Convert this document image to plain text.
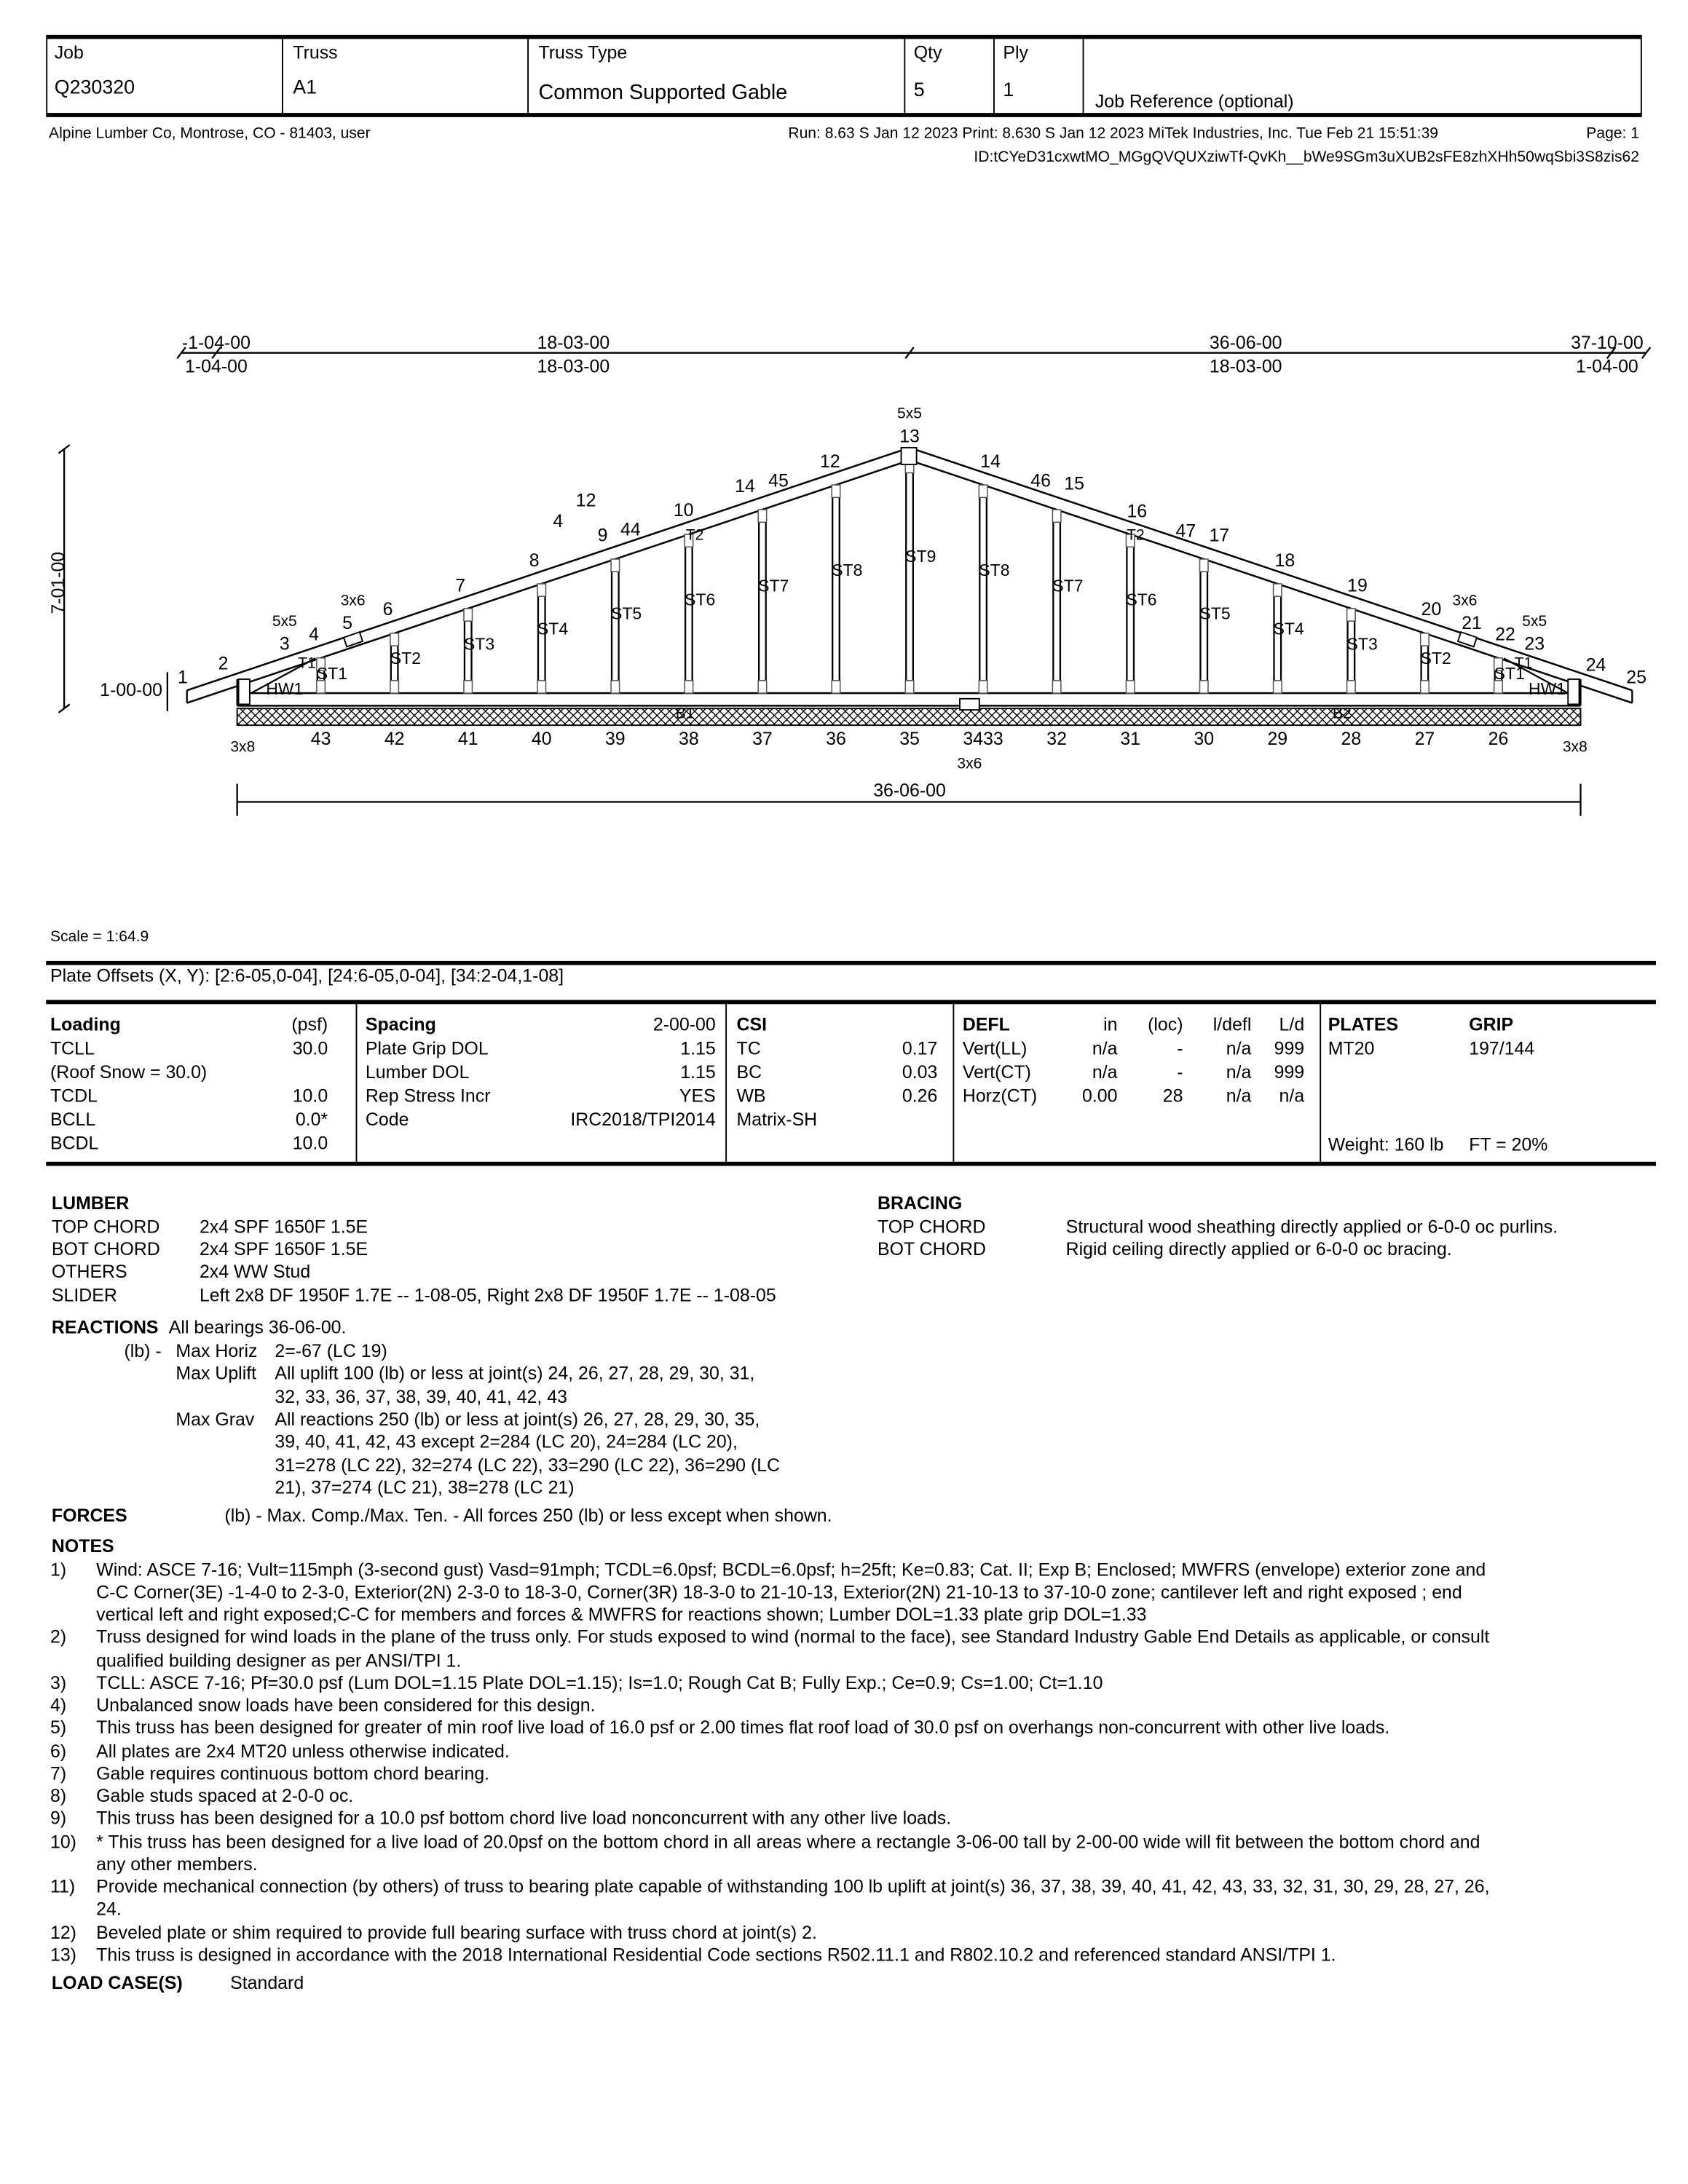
Job
Q230320
Truss
A1
Truss Type
Common Supported Gable
Qty
5
Ply
1
Job Reference (optional)
Alpine Lumber Co, Montrose, CO - 81403, user	Run: 8.63 S Jan 12 2023 Print: 8.630 S Jan 12 2023 MiTek Industries, Inc. Tue Feb 21 15:51:39	Page: 1
ID:tCYeD31cxwtMO_MGgQVQUXziwTf-QvKh__bWe9SGm3uXUB2sFE8zhXHh50wqSbi3S8zis62
-1-04-00
1-04-00
18-03-00
18-03-00
36-06-00
18-03-00
37-10-00
1-04-00
7-01-00
1-00-00
36-06-00
ST1
43
ST2
42
ST3
41
ST4
40
ST5
39
ST6
38
ST7
37
ST8
36
ST9
35
ST8
3433
ST7
32
ST6
31
ST5
30
ST4
29
ST3
28
ST2
27
ST1
26
3x8	3x8
3x6
1
2
3
5x5
4
5
3x6 6
7
8
4
12
9 44
10
T2
14 45
12
5x5
13
14
46 15
16
T2	47 17
18
19
20 3x6
21
22
5x5
23
24
25
HW1	HW1
T1	T1
B1	B2
Scale = 1:64.9
Plate Offsets (X, Y): [2:6-05,0-04], [24:6-05,0-04], [34:2-04,1-08]
Loading	(psf)
TCLL	30.0
(Roof Snow = 30.0)
TCDL	10.0
BCLL	0.0*
BCDL	10.0
Spacing	2-00-00
Plate Grip DOL	1.15
Lumber DOL	1.15
Rep Stress Incr	YES
Code	IRC2018/TPI2014
CSI
TC	0.17
BC	0.03
WB	0.26
Matrix-SH
DEFL	in	(loc)	l/defl	L/d
Vert(LL)	n/a	-	n/a	999
Vert(CT)	n/a	-	n/a	999
Horz(CT)	0.00	28	n/a	n/a
PLATES	GRIP
MT20	197/144
Weight: 160 lb	FT = 20%
LUMBER
TOP CHORD	2x4 SPF 1650F 1.5E
BOT CHORD	2x4 SPF 1650F 1.5E
OTHERS	2x4 WW Stud
SLIDER	Left 2x8 DF 1950F 1.7E -- 1-08-05, Right 2x8 DF 1950F 1.7E -- 1-08-05
BRACING
TOP CHORD	Structural wood sheathing directly applied or 6-0-0 oc purlins.
BOT CHORD	Rigid ceiling directly applied or 6-0-0 oc bracing.
REACTIONS All bearings 36-06-00.
(lb) - Max Horiz 2=-67 (LC 19)
Max Uplift All uplift 100 (lb) or less at joint(s) 24, 26, 27, 28, 29, 30, 31,
32, 33, 36, 37, 38, 39, 40, 41, 42, 43
Max Grav All reactions 250 (lb) or less at joint(s) 26, 27, 28, 29, 30, 35,
39, 40, 41, 42, 43 except 2=284 (LC 20), 24=284 (LC 20),
31=278 (LC 22), 32=274 (LC 22), 33=290 (LC 22), 36=290 (LC
21), 37=274 (LC 21), 38=278 (LC 21)
FORCES	(lb) - Max. Comp./Max. Ten. - All forces 250 (lb) or less except when shown.
NOTES
1)	Wind: ASCE 7-16; Vult=115mph (3-second gust) Vasd=91mph; TCDL=6.0psf; BCDL=6.0psf; h=25ft; Ke=0.83; Cat. II; Exp B; Enclosed; MWFRS (envelope) exterior zone and
C-C Corner(3E) -1-4-0 to 2-3-0, Exterior(2N) 2-3-0 to 18-3-0, Corner(3R) 18-3-0 to 21-10-13, Exterior(2N) 21-10-13 to 37-10-0 zone; cantilever left and right exposed ; end
vertical left and right exposed;C-C for members and forces & MWFRS for reactions shown; Lumber DOL=1.33 plate grip DOL=1.33
2)	Truss designed for wind loads in the plane of the truss only. For studs exposed to wind (normal to the face), see Standard Industry Gable End Details as applicable, or consult
qualified building designer as per ANSI/TPI 1.
3)	TCLL: ASCE 7-16; Pf=30.0 psf (Lum DOL=1.15 Plate DOL=1.15); Is=1.0; Rough Cat B; Fully Exp.; Ce=0.9; Cs=1.00; Ct=1.10
4)	Unbalanced snow loads have been considered for this design.
5)	This truss has been designed for greater of min roof live load of 16.0 psf or 2.00 times flat roof load of 30.0 psf on overhangs non-concurrent with other live loads.
6)	All plates are 2x4 MT20 unless otherwise indicated.
7)	Gable requires continuous bottom chord bearing.
8)	Gable studs spaced at 2-0-0 oc.
9)	This truss has been designed for a 10.0 psf bottom chord live load nonconcurrent with any other live loads.
10) * This truss has been designed for a live load of 20.0psf on the bottom chord in all areas where a rectangle 3-06-00 tall by 2-00-00 wide will fit between the bottom chord and
any other members.
11) Provide mechanical connection (by others) of truss to bearing plate capable of withstanding 100 lb uplift at joint(s) 36, 37, 38, 39, 40, 41, 42, 43, 33, 32, 31, 30, 29, 28, 27, 26,
24.
12) Beveled plate or shim required to provide full bearing surface with truss chord at joint(s) 2.
13) This truss is designed in accordance with the 2018 International Residential Code sections R502.11.1 and R802.10.2 and referenced standard ANSI/TPI 1.
LOAD CASE(S)	Standard
